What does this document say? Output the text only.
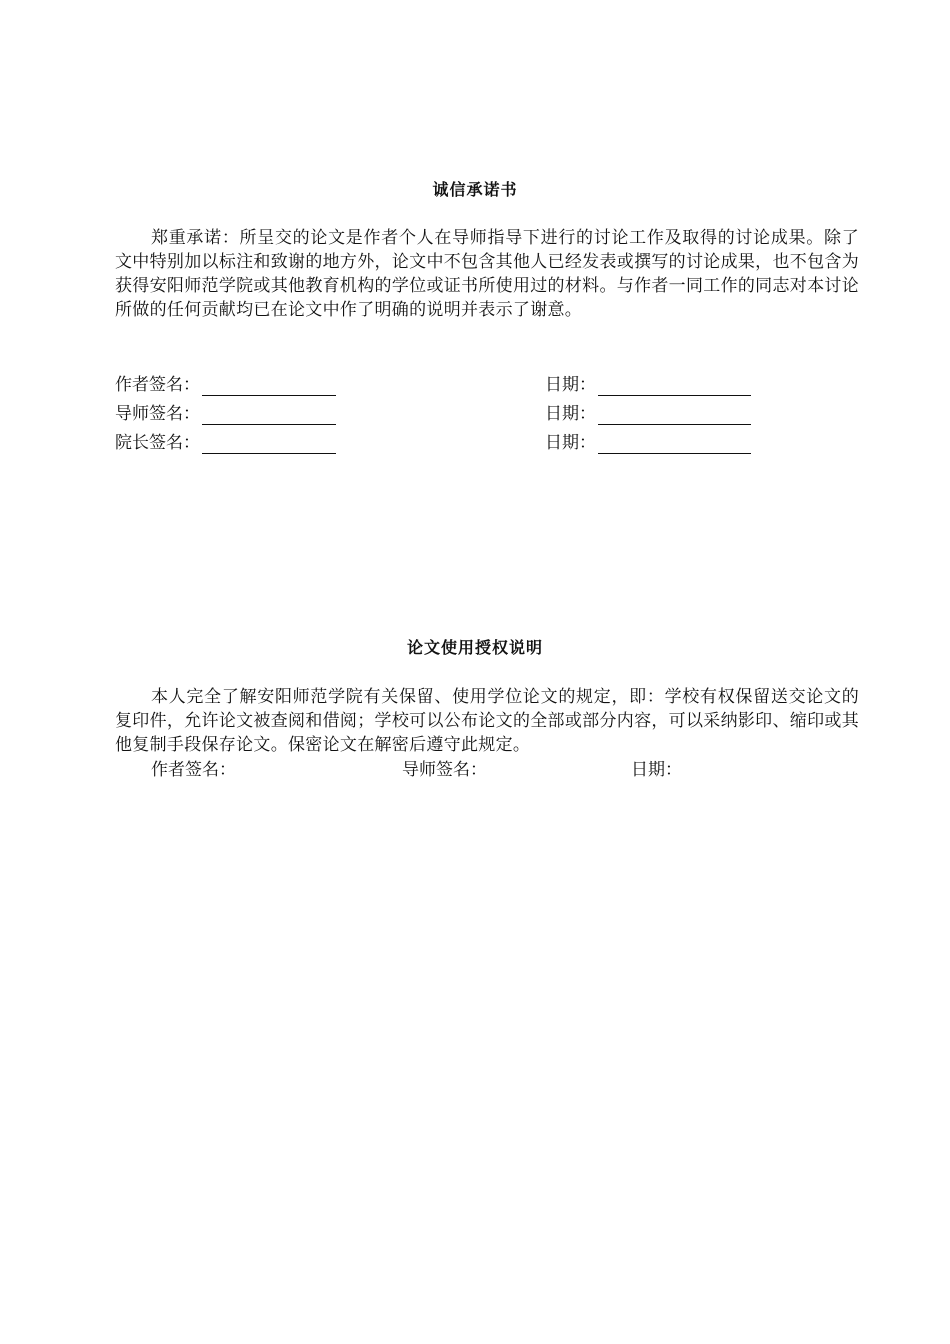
诚信承诺书
郑重承诺：所呈交的论文是作者个人在导师指导下进行的讨论工作及取得的讨论成果。除了文中特别加以标注和致谢的地方外，论文中不包含其他人已经发表或撰写的讨论成果，也不包含为获得安阳师范学院或其他教育机构的学位或证书所使用过的材料。与作者一同工作的同志对本讨论所做的任何贡献均已在论文中作了明确的说明并表示了谢意。
作者签名：	日期：
导师签名：	日期：
院长签名：	日期：
论文使用授权说明
本人完全了解安阳师范学院有关保留、使用学位论文的规定，即：学校有权保留送交论文的复印件，允许论文被查阅和借阅；学校可以公布论文的全部或部分内容，可以采纳影印、缩印或其他复制手段保存论文。保密论文在解密后遵守此规定。
作者签名：	导师签名：	日期：
